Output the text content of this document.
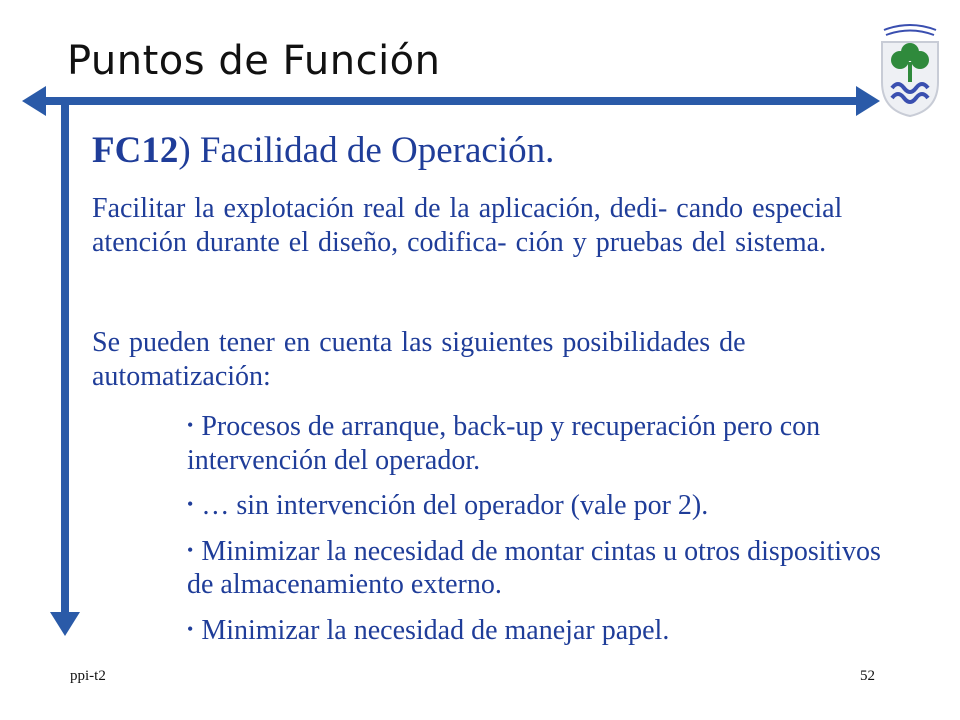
Puntos de Función
FC12) Facilidad de Operación.

Facilitar la explotación real de la aplicación, dedi- cando especial atención durante el diseño, codifica- ción y pruebas del sistema.

Se pueden tener en cuenta las siguientes posibilidades de automatización:

• Procesos de arranque, back-up y recuperación pero con intervención del operador.

• … sin intervención del operador (vale por 2).

• Minimizar la necesidad de montar cintas u otros dispositivos de almacenamiento externo.

• Minimizar la necesidad de manejar papel.

ppi-t2	52
